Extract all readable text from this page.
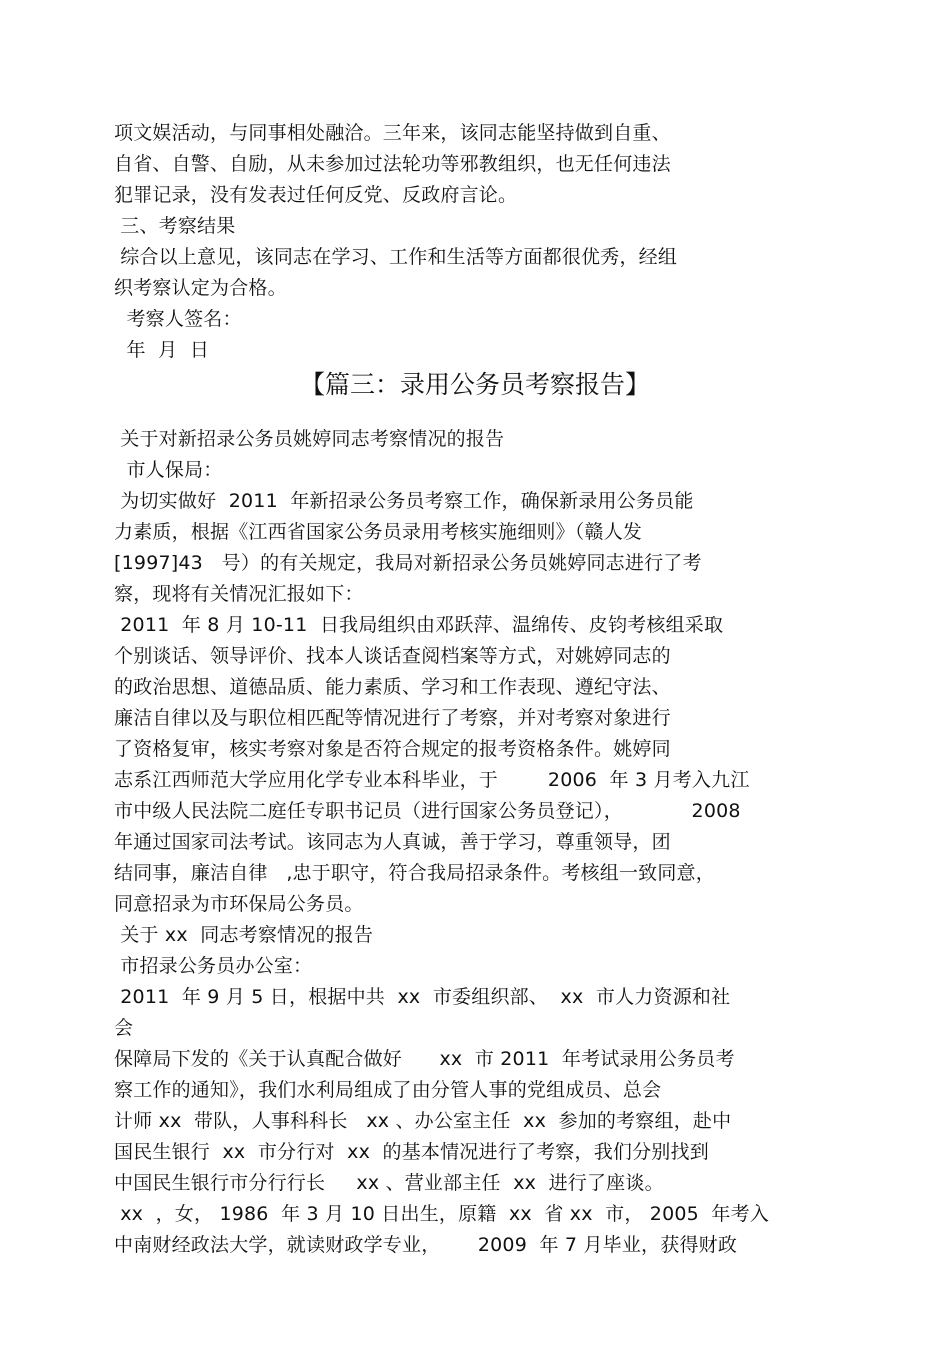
项文娱活动，与同事相处融洽。三年来，该同志能坚持做到自重、
自省、自警、自励，从未参加过法轮功等邪教组织，也无任何违法
犯罪记录，没有发表过任何反党、反政府言论。
三、考察结果
综合以上意见，该同志在学习、工作和生活等方面都很优秀，经组
织考察认定为合格。
考察人签名：
年  月  日
【篇三：录用公务员考察报告】
关于对新招录公务员姚婷同志考察情况的报告
市人保局：
为切实做好  2011  年新招录公务员考察工作，确保新录用公务员能
力素质，根据《江西省国家公务员录用考核实施细则》（赣人发
[1997]43   号）的有关规定，我局对新招录公务员姚婷同志进行了考
察，现将有关情况汇报如下：
2011  年 8 月 10-11  日我局组织由邓跃萍、温绵传、皮钧考核组采取
个别谈话、领导评价、找本人谈话查阅档案等方式，对姚婷同志的
的政治思想、道德品质、能力素质、学习和工作表现、遵纪守法、
廉洁自律以及与职位相匹配等情况进行了考察，并对考察对象进行
了资格复审，核实考察对象是否符合规定的报考资格条件。姚婷同
志系江西师范大学应用化学专业本科毕业，于        2006  年 3 月考入九江
市中级人民法院二庭任专职书记员（进行国家公务员登记），           2008
年通过国家司法考试。该同志为人真诚，善于学习，尊重领导，团
结同事，廉洁自律   ,忠于职守，符合我局招录条件。考核组一致同意，
同意招录为市环保局公务员。
关于 xx  同志考察情况的报告
市招录公务员办公室：
2011  年 9 月 5 日，根据中共  xx  市委组织部、  xx  市人力资源和社
会
保障局下发的《关于认真配合做好      xx  市 2011  年考试录用公务员考
察工作的通知》，我们水利局组成了由分管人事的党组成员、总会
计师 xx  带队，人事科科长   xx 、办公室主任  xx  参加的考察组，赴中
国民生银行  xx  市分行对  xx  的基本情况进行了考察，我们分别找到
中国民生银行市分行行长     xx 、营业部主任  xx  进行了座谈。
xx  ，女， 1986  年 3 月 10 日出生，原籍  xx  省 xx  市， 2005  年考入
中南财经政法大学，就读财政学专业，      2009  年 7 月毕业，获得财政
